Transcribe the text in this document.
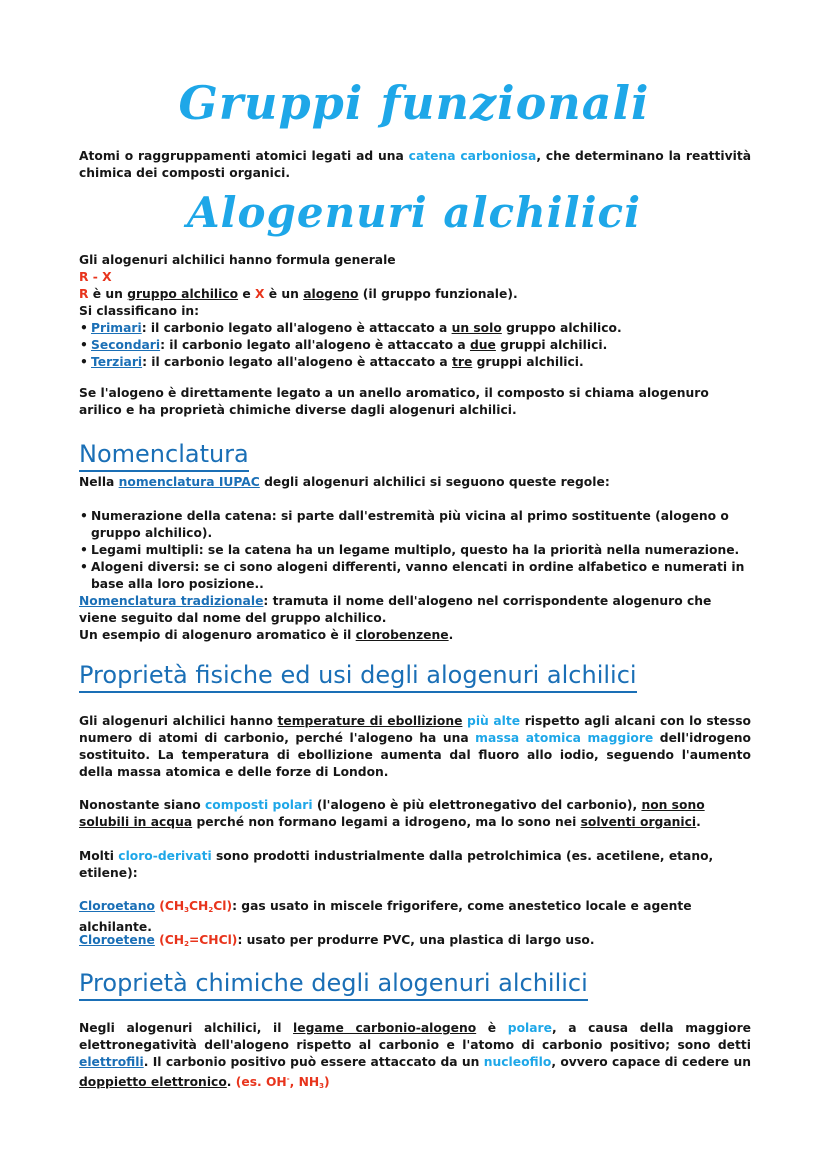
Gruppi funzionali
Atomi o raggruppamenti atomici legati ad una catena carboniosa, che determinano la reattività chimica dei composti organici.
Alogenuri alchilici
Gli alogenuri alchilici hanno formula generale
R - X
R è un gruppo alchilico e X è un alogeno (il gruppo funzionale).
Si classificano in:
• Primari: il carbonio legato all'alogeno è attaccato a un solo gruppo alchilico.
• Secondari: il carbonio legato all'alogeno è attaccato a due gruppi alchilici.
• Terziari: il carbonio legato all'alogeno è attaccato a tre gruppi alchilici.
Se l'alogeno è direttamente legato a un anello aromatico, il composto si chiama alogenuro arilico e ha proprietà chimiche diverse dagli alogenuri alchilici.
Nomenclatura
Nella nomenclatura IUPAC degli alogenuri alchilici si seguono queste regole:
• Numerazione della catena: si parte dall'estremità più vicina al primo sostituente (alogeno o gruppo alchilico).
• Legami multipli: se la catena ha un legame multiplo, questo ha la priorità nella numerazione.
• Alogeni diversi: se ci sono alogeni differenti, vanno elencati in ordine alfabetico e numerati in base alla loro posizione..
Nomenclatura tradizionale: tramuta il nome dell'alogeno nel corrispondente alogenuro che viene seguito dal nome del gruppo alchilico.
Un esempio di alogenuro aromatico è il clorobenzene.
Proprietà fisiche ed usi degli alogenuri alchilici
Gli alogenuri alchilici hanno temperature di ebollizione più alte rispetto agli alcani con lo stesso numero di atomi di carbonio, perché l'alogeno ha una massa atomica maggiore dell'idrogeno sostituito. La temperatura di ebollizione aumenta dal fluoro allo iodio, seguendo l'aumento della massa atomica e delle forze di London.
Nonostante siano composti polari (l'alogeno è più elettronegativo del carbonio), non sono solubili in acqua perché non formano legami a idrogeno, ma lo sono nei solventi organici.
Molti cloro-derivati sono prodotti industrialmente dalla petrolchimica (es. acetilene, etano, etilene):
Cloroetano $(CH_3CH_2Cl)$: gas usato in miscele frigorifere, come anestetico locale e agente alchilante.
Cloroetene $(CH_2=CHCl)$: usato per produrre PVC, una plastica di largo uso.
Proprietà chimiche degli alogenuri alchilici
Negli alogenuri alchilici, il legame carbonio-alogeno è polare, a causa della maggiore elettronegatività dell'alogeno rispetto al carbonio e l'atomo di carbonio positivo; sono detti elettrofili. Il carbonio positivo può essere attaccato da un nucleofilo, ovvero capace di cedere un doppietto elettronico. (es. OH-, $NH_3$)
